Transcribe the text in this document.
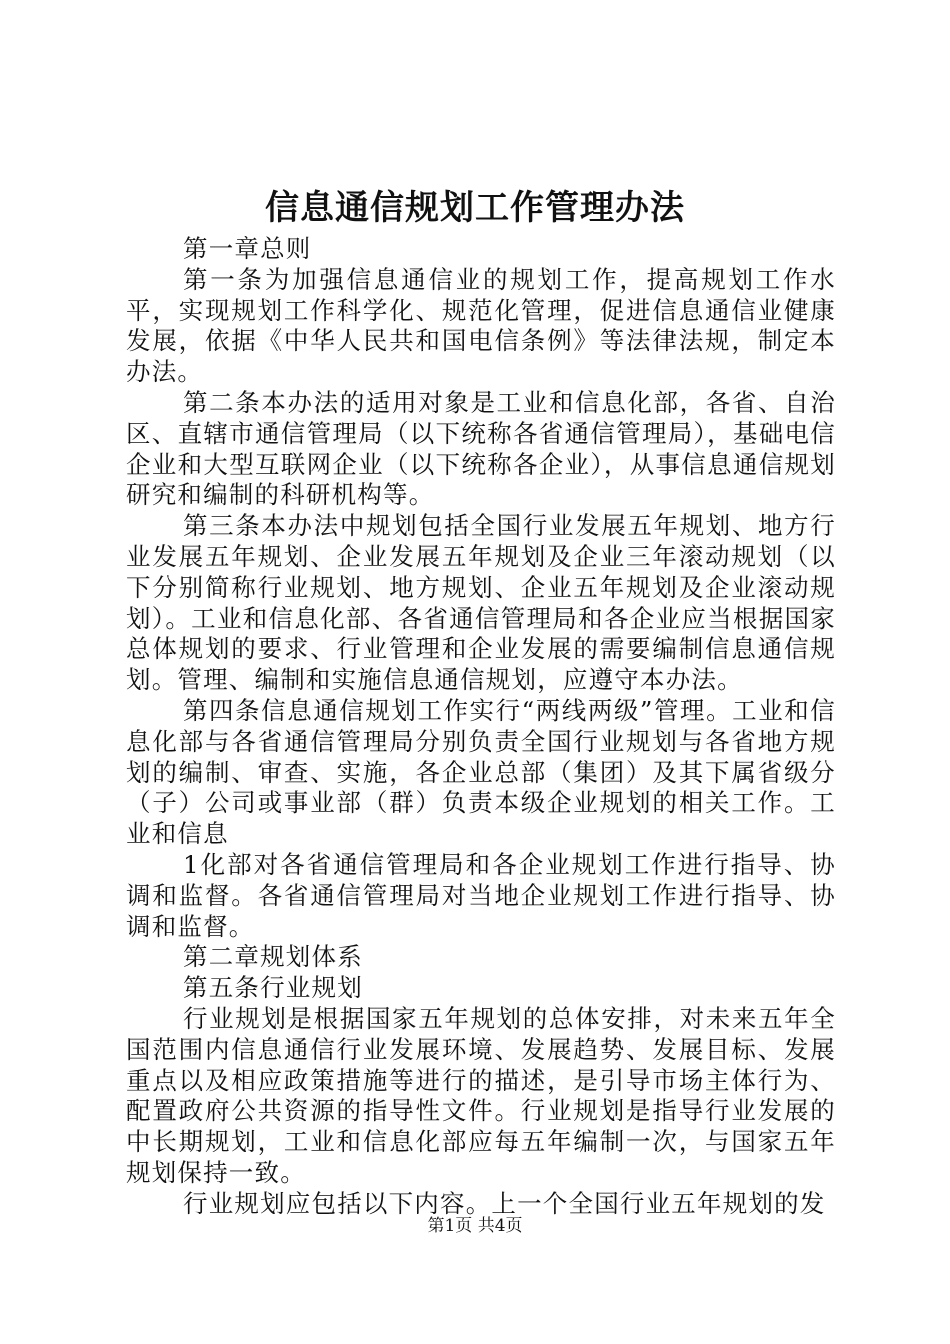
信息通信规划工作管理办法

第一章总则

第一条为加强信息通信业的规划工作，提高规划工作水平，实现规划工作科学化、规范化管理，促进信息通信业健康发展，依据《中华人民共和国电信条例》等法律法规，制定本办法。

第二条本办法的适用对象是工业和信息化部，各省、自治区、直辖市通信管理局（以下统称各省通信管理局），基础电信企业和大型互联网企业（以下统称各企业），从事信息通信规划研究和编制的科研机构等。

第三条本办法中规划包括全国行业发展五年规划、地方行业发展五年规划、企业发展五年规划及企业三年滚动规划（以下分别简称行业规划、地方规划、企业五年规划及企业滚动规划）。工业和信息化部、各省通信管理局和各企业应当根据国家总体规划的要求、行业管理和企业发展的需要编制信息通信规划。管理、编制和实施信息通信规划，应遵守本办法。

第四条信息通信规划工作实行“两线两级”管理。工业和信息化部与各省通信管理局分别负责全国行业规划与各省地方规划的编制、审查、实施，各企业总部（集团）及其下属省级分（子）公司或事业部（群）负责本级企业规划的相关工作。工业和信息

1化部对各省通信管理局和各企业规划工作进行指导、协调和监督。各省通信管理局对当地企业规划工作进行指导、协调和监督。

第二章规划体系

第五条行业规划

行业规划是根据国家五年规划的总体安排，对未来五年全国范围内信息通信行业发展环境、发展趋势、发展目标、发展重点以及相应政策措施等进行的描述，是引导市场主体行为、配置政府公共资源的指导性文件。行业规划是指导行业发展的中长期规划，工业和信息化部应每五年编制一次，与国家五年规划保持一致。

行业规划应包括以下内容。上一个全国行业五年规划的发

第1页 共4页
